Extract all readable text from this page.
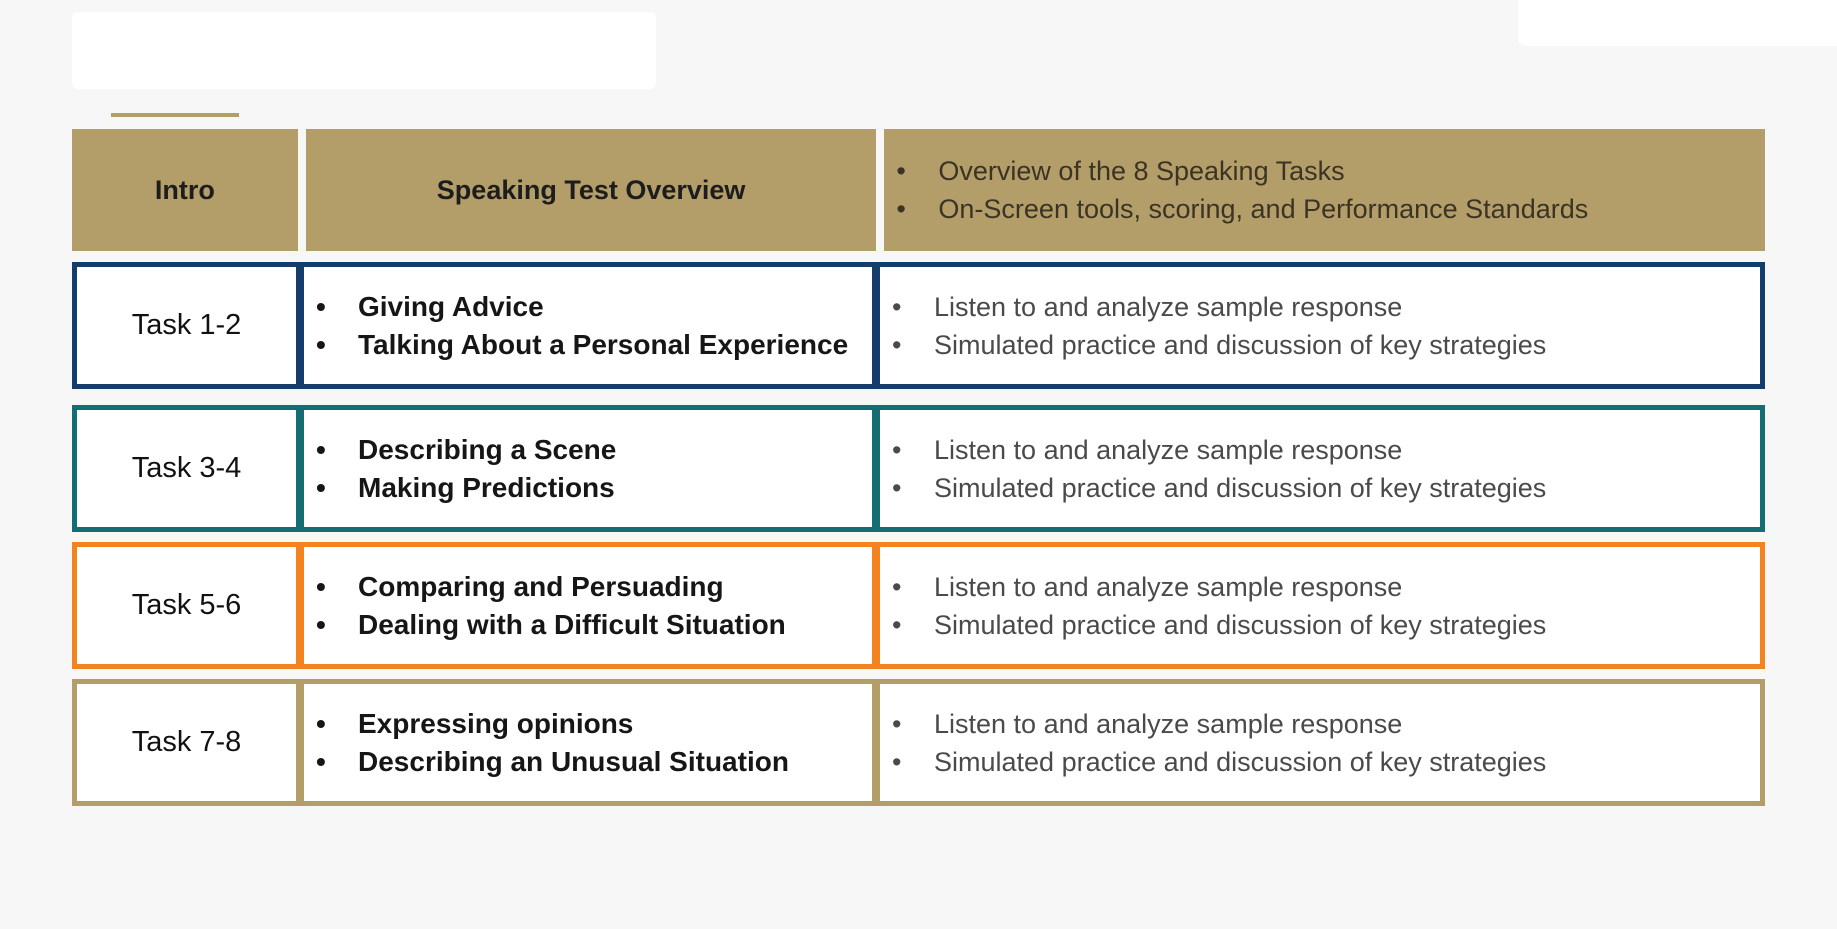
Intro	Speaking Test Overview
• Overview of the 8 Speaking Tasks
• On-Screen tools, scoring, and Performance Standards
Task 1-2
• Giving Advice
• Talking About a Personal Experience
• Listen to and analyze sample response
• Simulated practice and discussion of key strategies
Task 3-4
• Describing a Scene
• Making Predictions
• Listen to and analyze sample response
• Simulated practice and discussion of key strategies
Task 5-6
• Comparing and Persuading
• Dealing with a Difficult Situation
• Listen to and analyze sample response
• Simulated practice and discussion of key strategies
Task 7-8
• Expressing opinions
• Describing an Unusual Situation
• Listen to and analyze sample response
• Simulated practice and discussion of key strategies
